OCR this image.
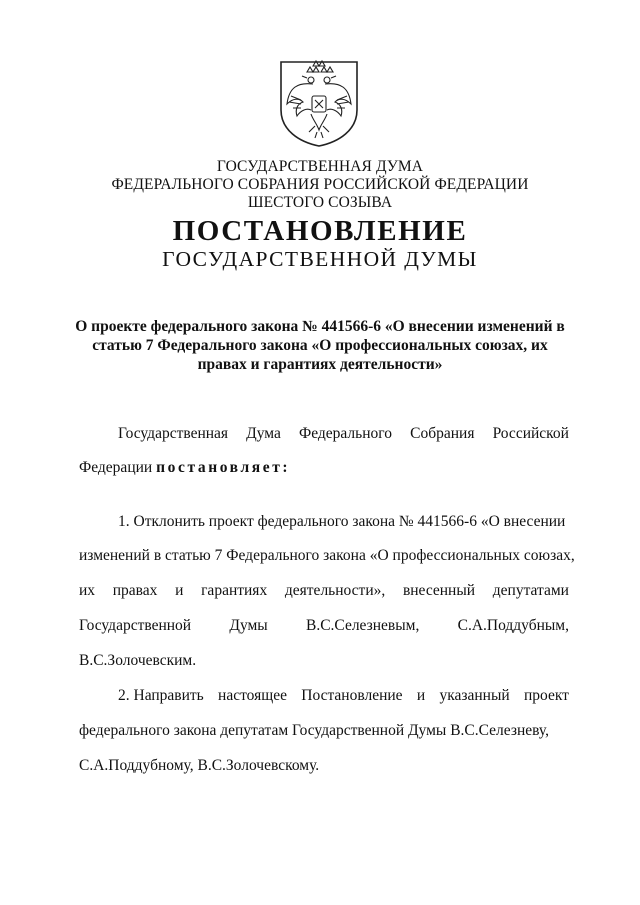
ГОСУДАРСТВЕННАЯ ДУМА
ФЕДЕРАЛЬНОГО СОБРАНИЯ РОССИЙСКОЙ ФЕДЕРАЦИИ
ШЕСТОГО СОЗЫВА
ПОСТАНОВЛЕНИЕ
ГОСУДАРСТВЕННОЙ ДУМЫ
О проекте федерального закона № 441566-6 «О внесении изменений в
статью 7 Федерального закона «О профессиональных союзах, их
правах и гарантиях деятельности»
Государственная Дума Федерального Собрания Российской
Федерации постановляет:
1. Отклонить проект федерального закона № 441566-6 «О внесении
изменений в статью 7 Федерального закона «О профессиональных союзах,
их правах и гарантиях деятельности», внесенный депутатами
Государственной Думы В.С.Селезневым, С.А.Поддубным,
В.С.Золочевским.
2. Направить настоящее Постановление и указанный проект
федерального закона депутатам Государственной Думы В.С.Селезневу,
С.А.Поддубному, В.С.Золочевскому.
